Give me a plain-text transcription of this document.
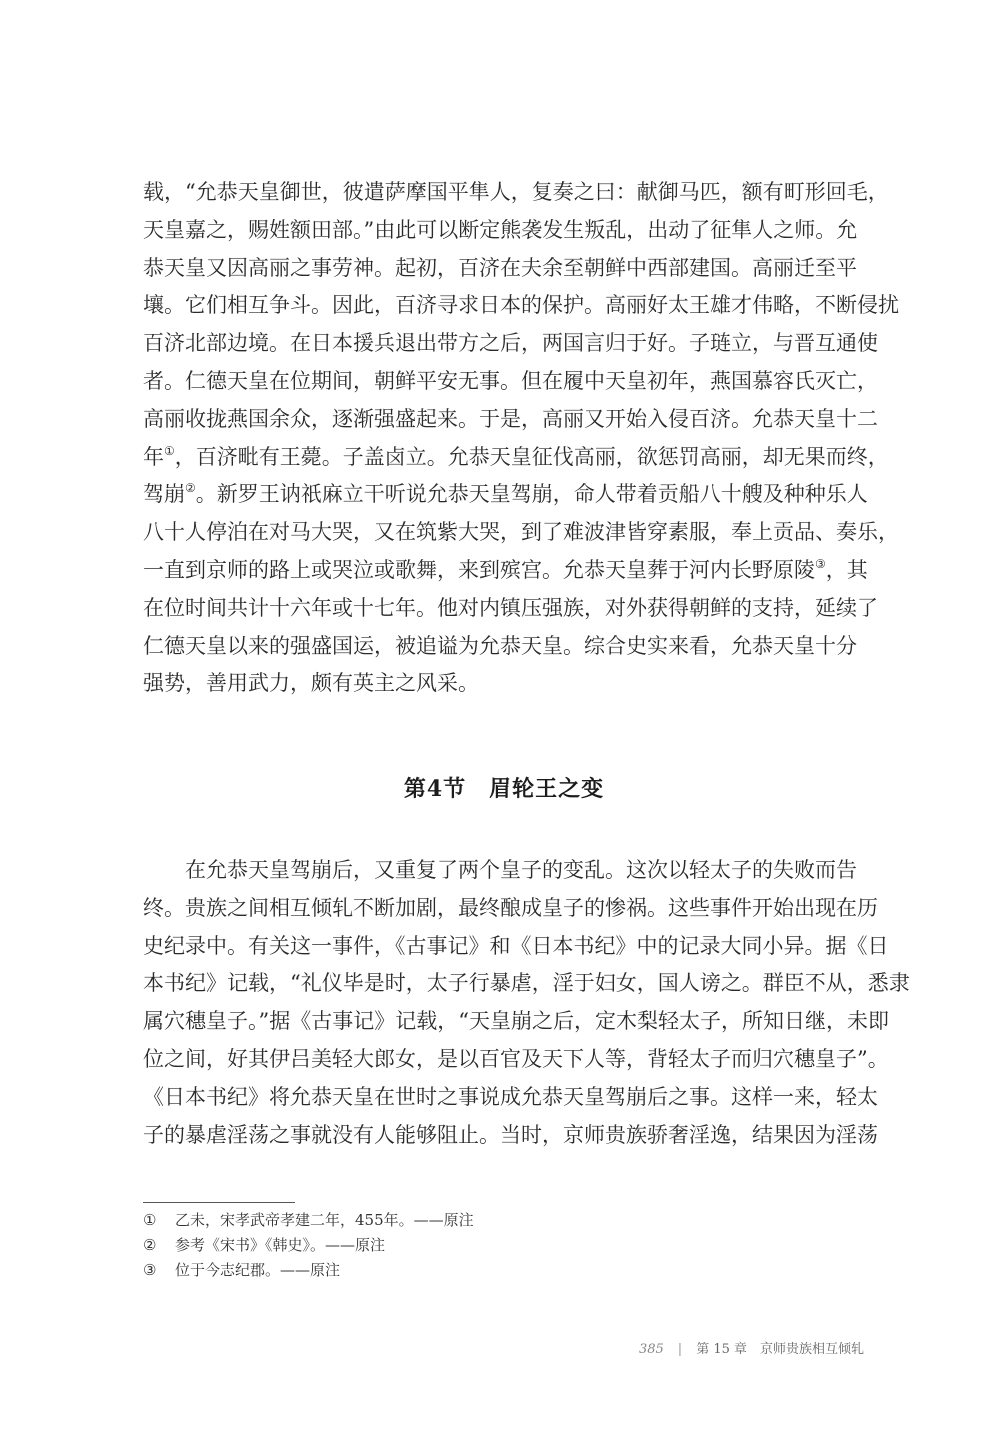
载，“允恭天皇御世，彼遣萨摩国平隼人，复奏之曰：献御马匹，额有町形回毛，
天皇嘉之，赐姓额田部。”由此可以断定熊袭发生叛乱，出动了征隼人之师。允
恭天皇又因高丽之事劳神。起初，百济在夫余至朝鲜中西部建国。高丽迁至平
壤。它们相互争斗。因此，百济寻求日本的保护。高丽好太王雄才伟略，不断侵扰
百济北部边境。在日本援兵退出带方之后，两国言归于好。子琏立，与晋互通使
者。仁德天皇在位期间，朝鲜平安无事。但在履中天皇初年，燕国慕容氏灭亡，
高丽收拢燕国余众，逐渐强盛起来。于是，高丽又开始入侵百济。允恭天皇十二
年①，百济毗有王薨。子盖卤立。允恭天皇征伐高丽，欲惩罚高丽，却无果而终，
驾崩②。新罗王讷祇麻立干听说允恭天皇驾崩，命人带着贡船八十艘及种种乐人
八十人停泊在对马大哭，又在筑紫大哭，到了难波津皆穿素服，奉上贡品、奏乐，
一直到京师的路上或哭泣或歌舞，来到殡宫。允恭天皇葬于河内长野原陵③，其
在位时间共计十六年或十七年。他对内镇压强族，对外获得朝鲜的支持，延续了
仁德天皇以来的强盛国运，被追谥为允恭天皇。综合史实来看，允恭天皇十分
强势，善用武力，颇有英主之风采。
第4节　眉轮王之变
在允恭天皇驾崩后，又重复了两个皇子的变乱。这次以轻太子的失败而告
终。贵族之间相互倾轧不断加剧，最终酿成皇子的惨祸。这些事件开始出现在历
史纪录中。有关这一事件，《古事记》和《日本书纪》中的记录大同小异。据《日
本书纪》记载，“礼仪毕是时，太子行暴虐，淫于妇女，国人谤之。群臣不从，悉隶
属穴穗皇子。”据《古事记》记载，“天皇崩之后，定木梨轻太子，所知日继，未即
位之间，好其伊吕美轻大郎女，是以百官及天下人等，背轻太子而归穴穗皇子”。
《日本书纪》将允恭天皇在世时之事说成允恭天皇驾崩后之事。这样一来，轻太
子的暴虐淫荡之事就没有人能够阻止。当时，京师贵族骄奢淫逸，结果因为淫荡
① 乙未，宋孝武帝孝建二年，455年。——原注
② 参考《宋书》《韩史》。——原注
③ 位于今志纪郡。——原注
385 | 第 15 章　京师贵族相互倾轧
